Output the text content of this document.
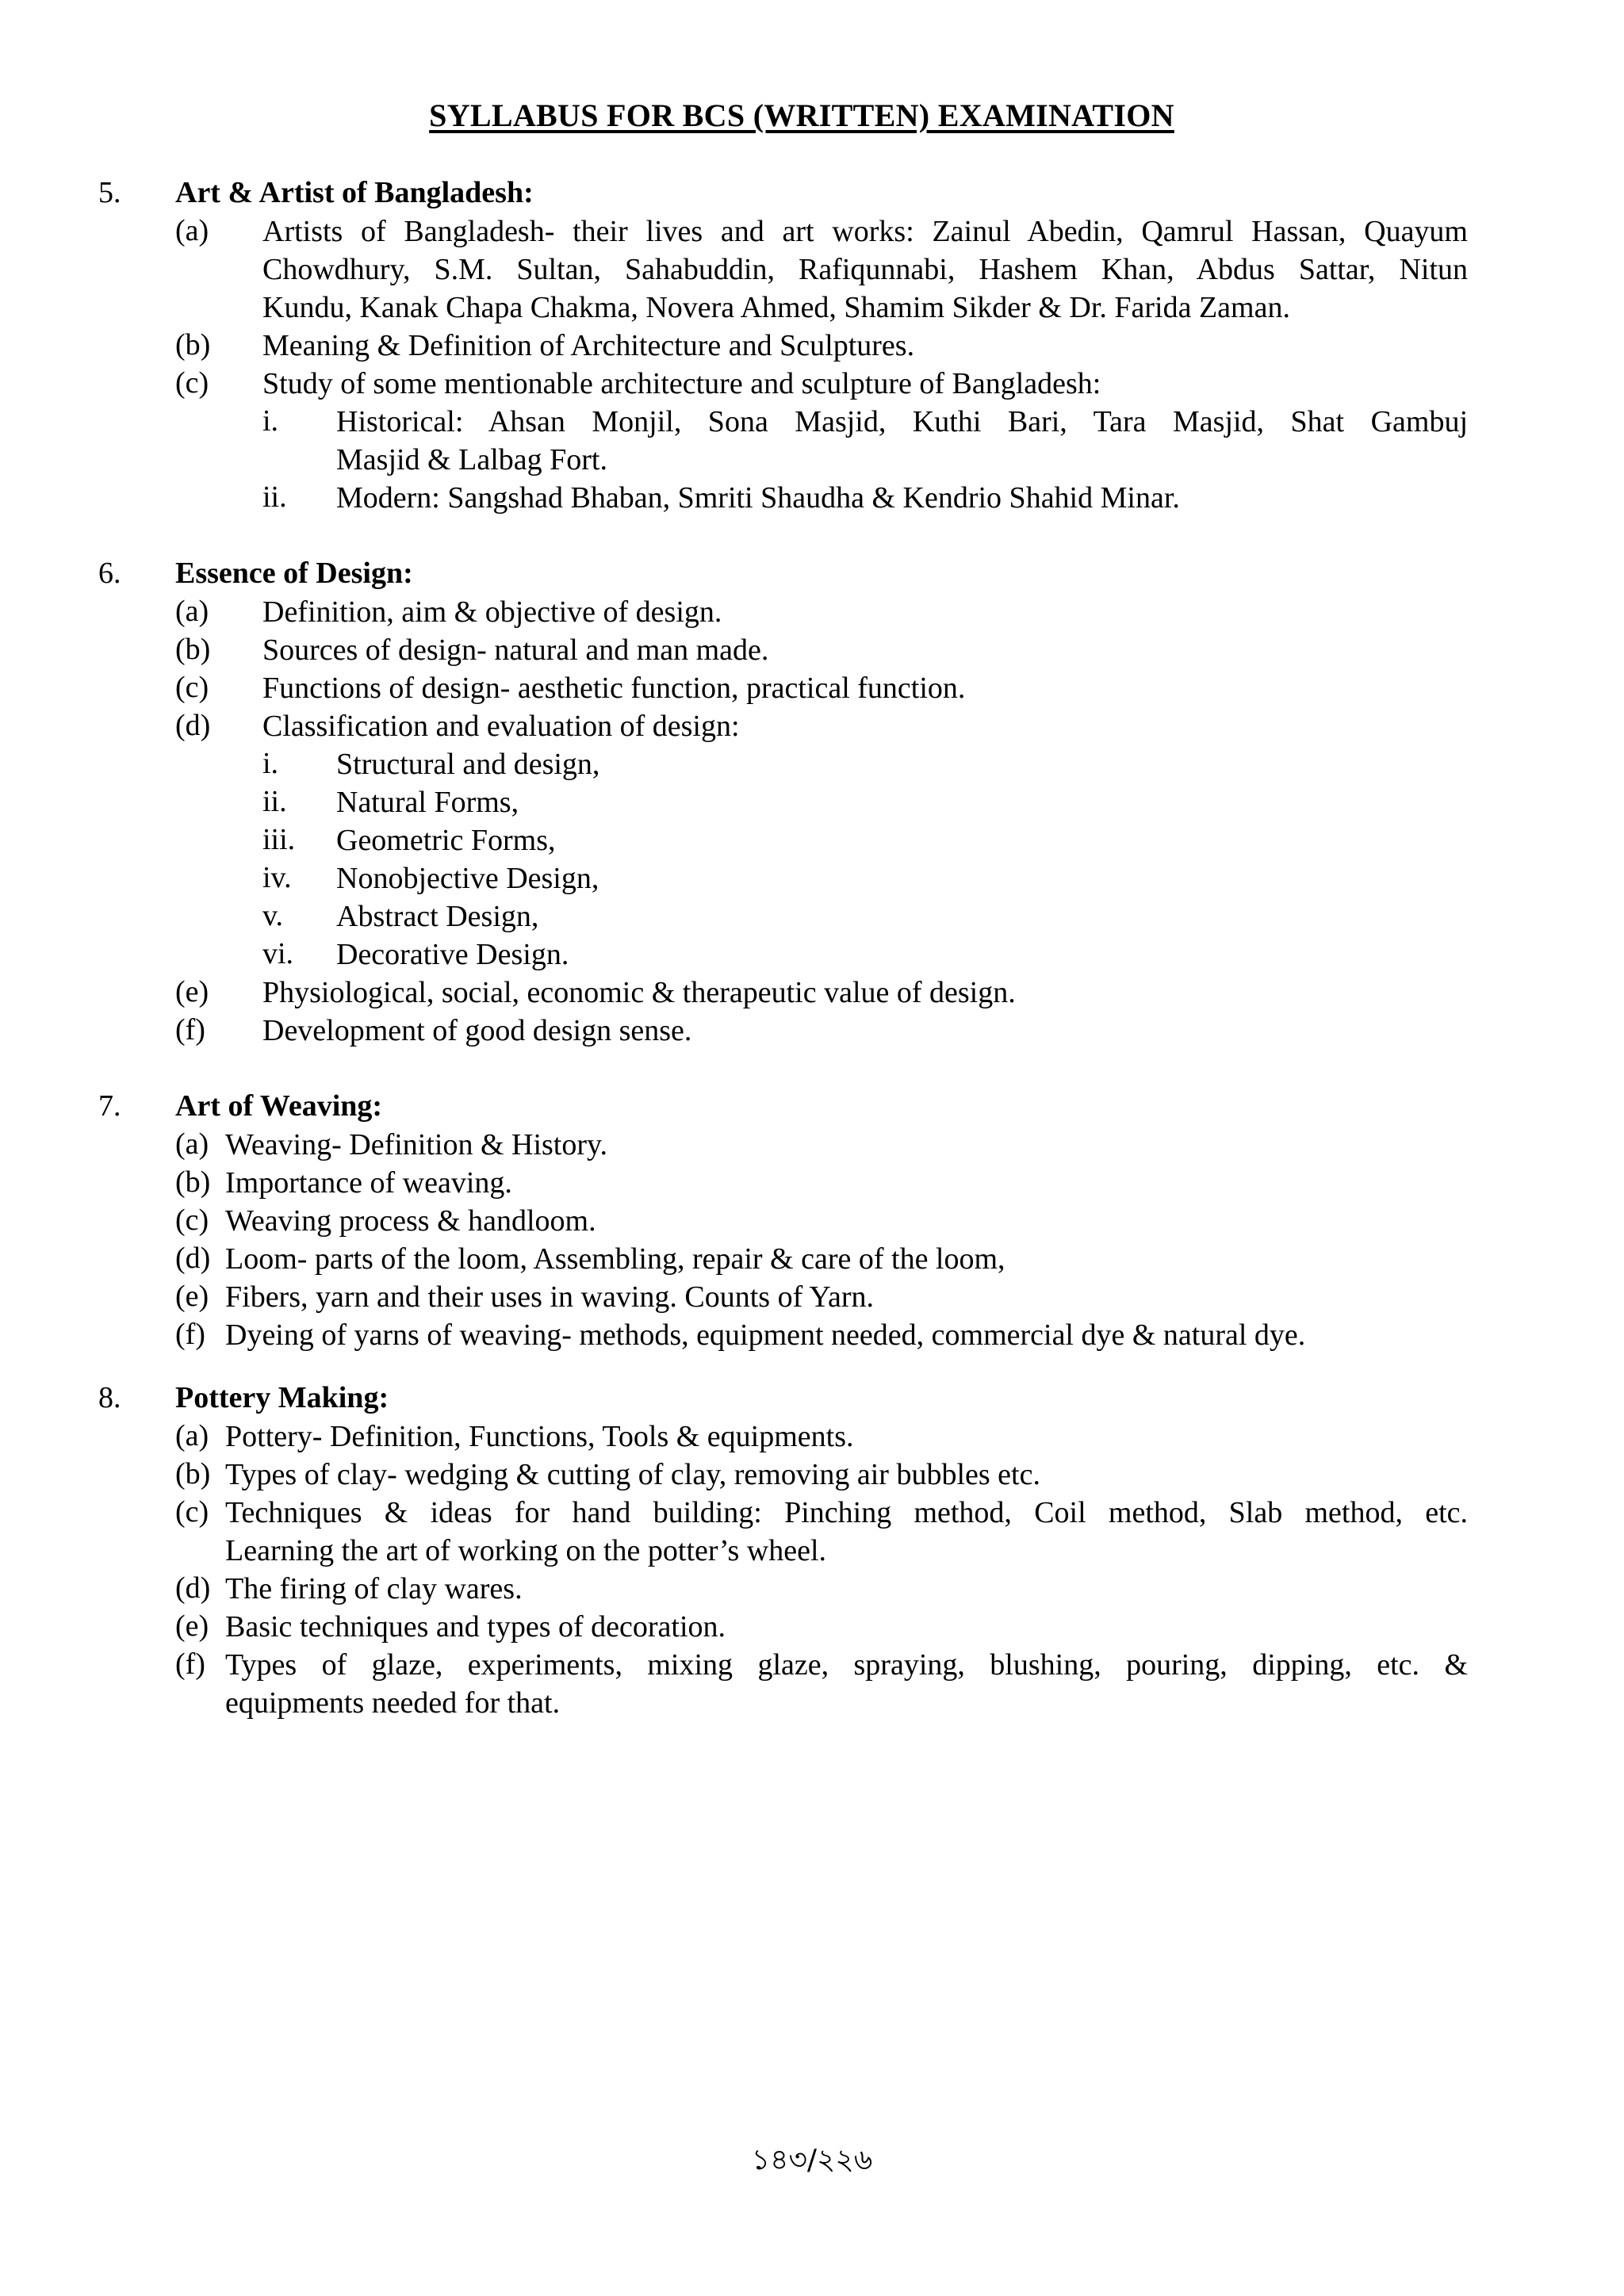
SYLLABUS FOR BCS (WRITTEN) EXAMINATION
5. Art & Artist of Bangladesh:
(a) Artists of Bangladesh- their lives and art works: Zainul Abedin, Qamrul Hassan, Quayum
Chowdhury, S.M. Sultan, Sahabuddin, Rafiqunnabi, Hashem Khan, Abdus Sattar, Nitun
Kundu, Kanak Chapa Chakma, Novera Ahmed, Shamim Sikder & Dr. Farida Zaman.
(b) Meaning & Definition of Architecture and Sculptures.
(c) Study of some mentionable architecture and sculpture of Bangladesh:
i. Historical: Ahsan Monjil, Sona Masjid, Kuthi Bari, Tara Masjid, Shat Gambuj
Masjid & Lalbag Fort.
ii. Modern: Sangshad Bhaban, Smriti Shaudha & Kendrio Shahid Minar.
6. Essence of Design:
(a) Definition, aim & objective of design.
(b) Sources of design- natural and man made.
(c) Functions of design- aesthetic function, practical function.
(d) Classification and evaluation of design:
i. Structural and design,
ii. Natural Forms,
iii. Geometric Forms,
iv. Nonobjective Design,
v. Abstract Design,
vi. Decorative Design.
(e) Physiological, social, economic & therapeutic value of design.
(f) Development of good design sense.
7. Art of Weaving:
(a) Weaving- Definition & History.
(b) Importance of weaving.
(c) Weaving process & handloom.
(d) Loom- parts of the loom, Assembling, repair & care of the loom,
(e) Fibers, yarn and their uses in waving. Counts of Yarn.
(f) Dyeing of yarns of weaving- methods, equipment needed, commercial dye & natural dye.
8. Pottery Making:
(a) Pottery- Definition, Functions, Tools & equipments.
(b) Types of clay- wedging & cutting of clay, removing air bubbles etc.
(c) Techniques & ideas for hand building: Pinching method, Coil method, Slab method, etc.
Learning the art of working on the potter’s wheel.
(d) The firing of clay wares.
(e) Basic techniques and types of decoration.
(f) Types of glaze, experiments, mixing glaze, spraying, blushing, pouring, dipping, etc. &
equipments needed for that.
১৪৩/২২৬
